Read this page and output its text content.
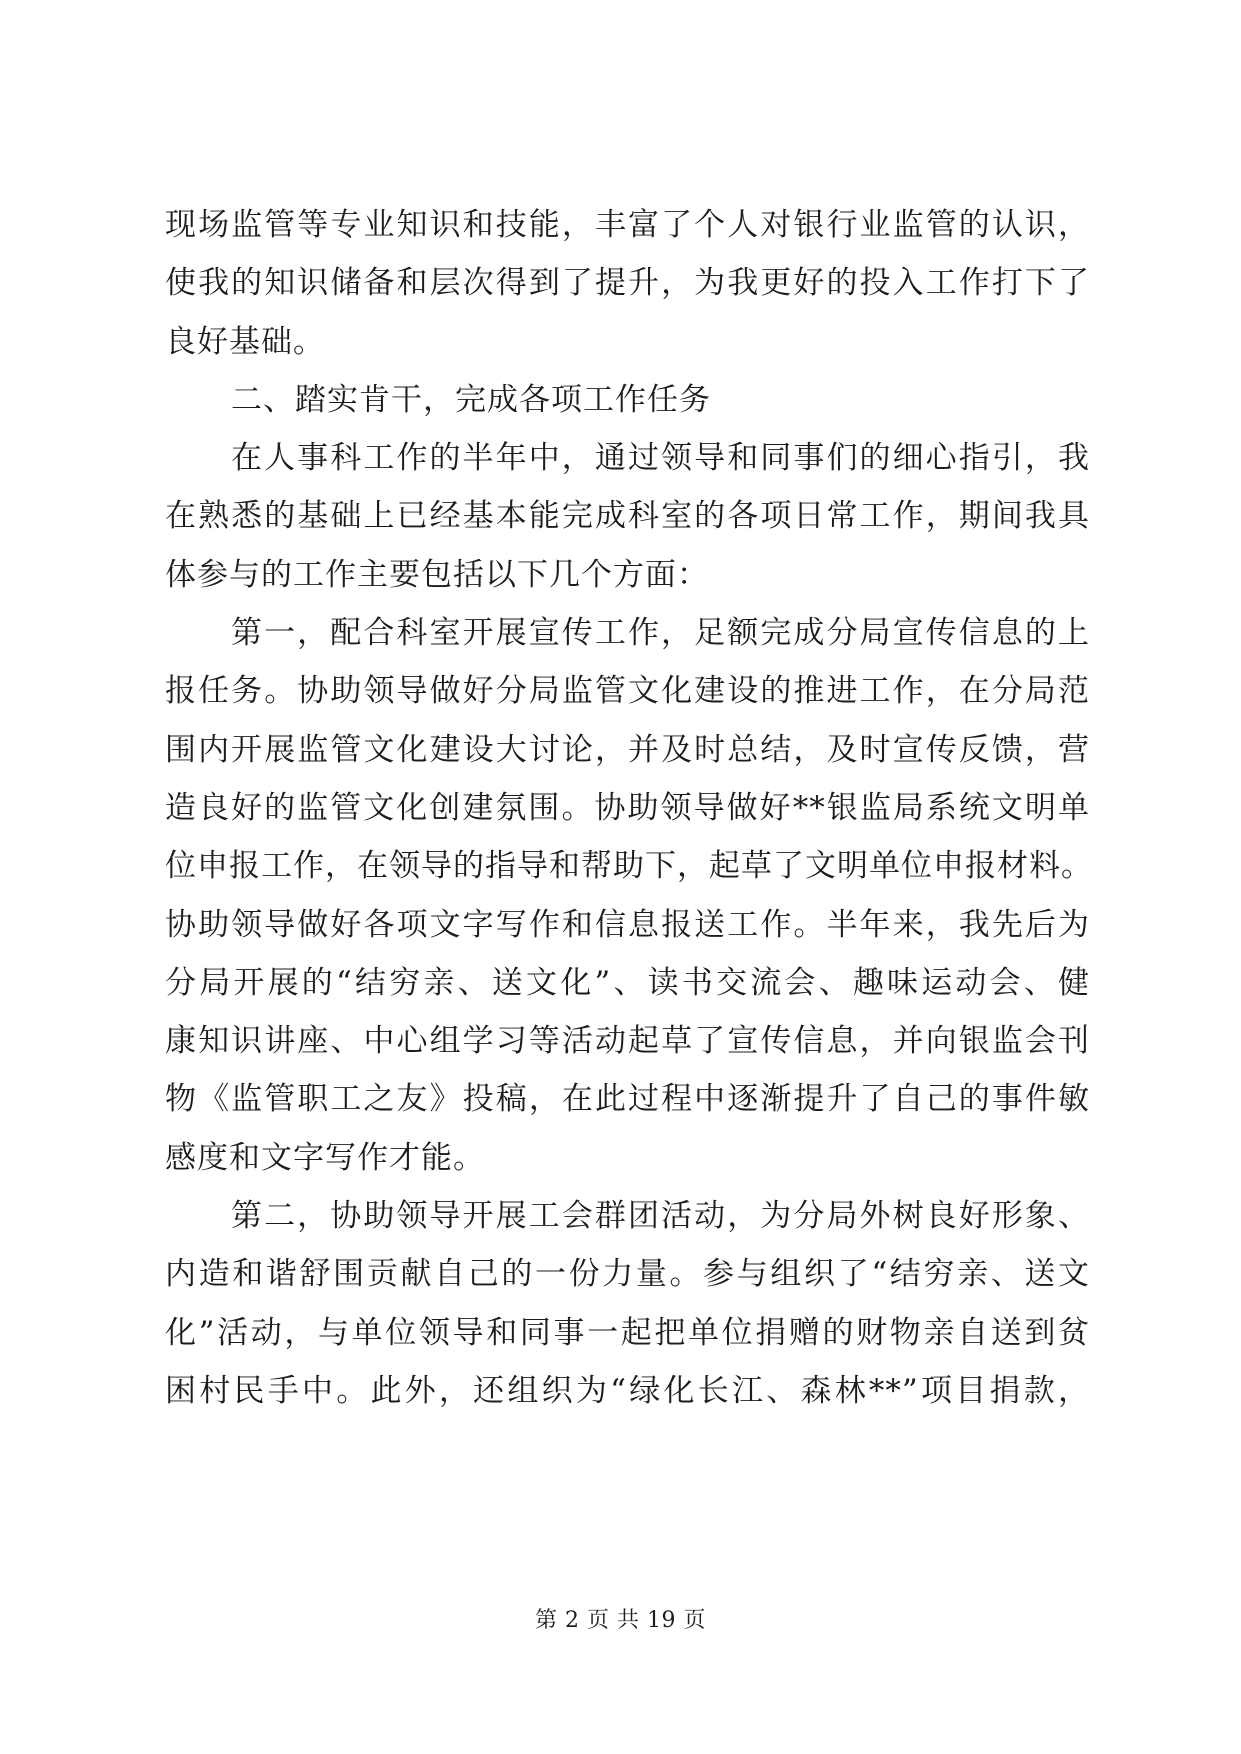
现场监管等专业知识和技能，丰富了个人对银行业监管的认识，
使我的知识储备和层次得到了提升，为我更好的投入工作打下了
良好基础。
二、踏实肯干，完成各项工作任务
在人事科工作的半年中，通过领导和同事们的细心指引，我
在熟悉的基础上已经基本能完成科室的各项日常工作，期间我具
体参与的工作主要包括以下几个方面：
第一，配合科室开展宣传工作，足额完成分局宣传信息的上
报任务。协助领导做好分局监管文化建设的推进工作，在分局范
围内开展监管文化建设大讨论，并及时总结，及时宣传反馈，营
造良好的监管文化创建氛围。协助领导做好**银监局系统文明单
位申报工作，在领导的指导和帮助下，起草了文明单位申报材料。
协助领导做好各项文字写作和信息报送工作。半年来，我先后为
分局开展的“结穷亲、送文化”、读书交流会、趣味运动会、健
康知识讲座、中心组学习等活动起草了宣传信息，并向银监会刊
物《监管职工之友》投稿，在此过程中逐渐提升了自己的事件敏
感度和文字写作才能。
第二，协助领导开展工会群团活动，为分局外树良好形象、
内造和谐舒围贡献自己的一份力量。参与组织了“结穷亲、送文
化”活动，与单位领导和同事一起把单位捐赠的财物亲自送到贫
困村民手中。此外，还组织为“绿化长江、森林**”项目捐款，
第 2 页 共 19 页
